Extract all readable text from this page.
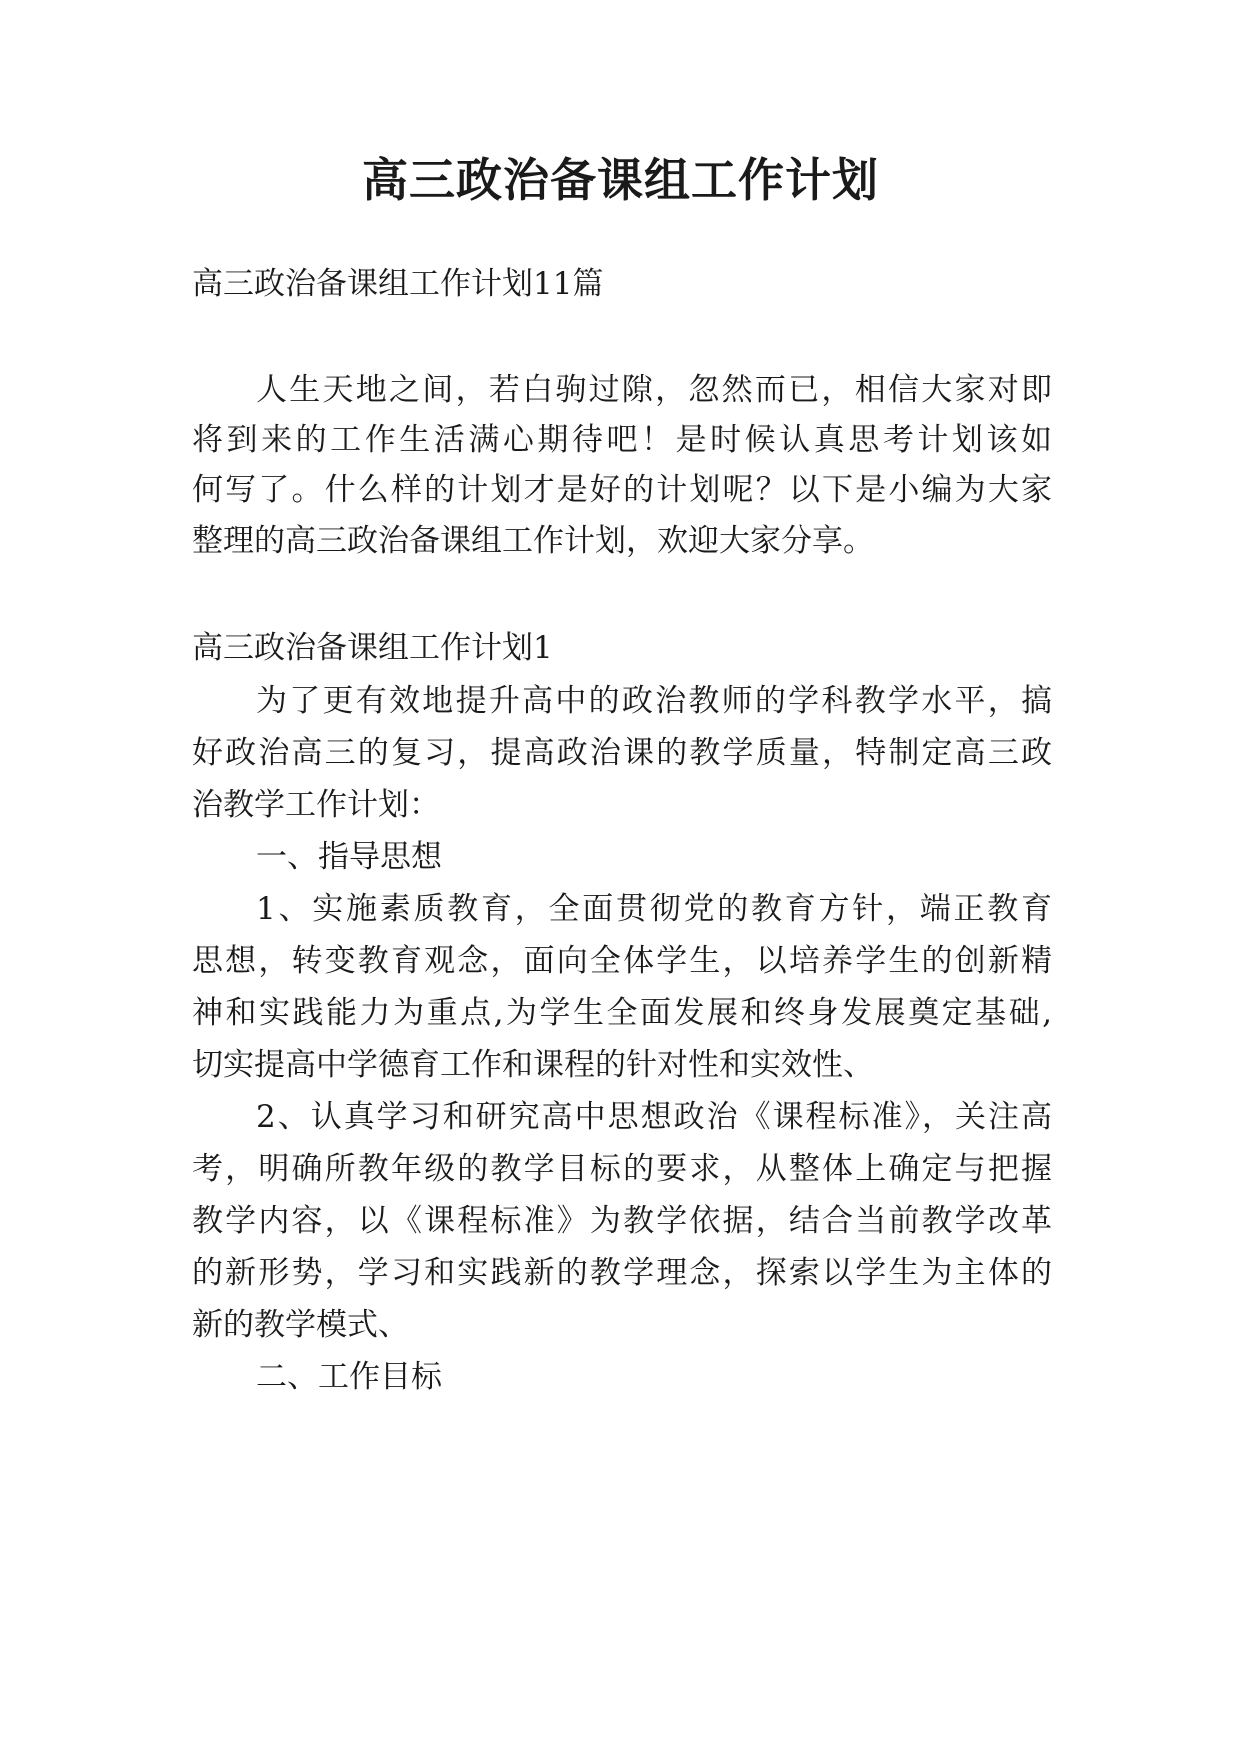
高三政治备课组工作计划
高三政治备课组工作计划11篇
人生天地之间，若白驹过隙，忽然而已，相信大家对即
将到来的工作生活满心期待吧！是时候认真思考计划该如
何写了。什么样的计划才是好的计划呢？以下是小编为大家
整理的高三政治备课组工作计划，欢迎大家分享。
高三政治备课组工作计划1
为了更有效地提升高中的政治教师的学科教学水平，搞
好政治高三的复习，提高政治课的教学质量，特制定高三政
治教学工作计划：
一、指导思想
1、实施素质教育，全面贯彻党的教育方针，端正教育
思想，转变教育观念，面向全体学生，以培养学生的创新精
神和实践能力为重点,为学生全面发展和终身发展奠定基础,
切实提高中学德育工作和课程的针对性和实效性、
2、认真学习和研究高中思想政治《课程标准》，关注高
考，明确所教年级的教学目标的要求，从整体上确定与把握
教学内容，以《课程标准》为教学依据，结合当前教学改革
的新形势，学习和实践新的教学理念，探索以学生为主体的
新的教学模式、
二、工作目标
